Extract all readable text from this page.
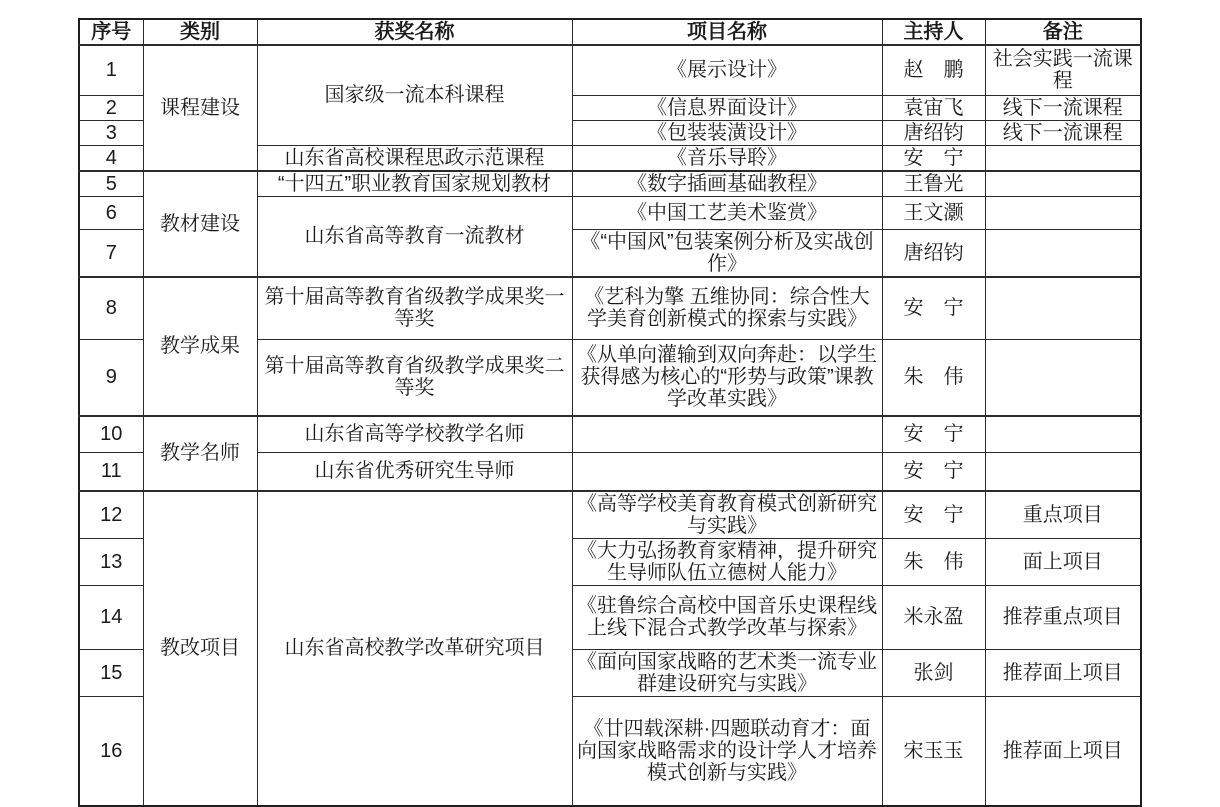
序号	类别	获奖名称	项目名称	主持人	备注
1	课程建设	国家级一流本科课程	《展示设计》	赵　鹏	社会实践一流课程
2			《信息界面设计》	袁宙飞	线下一流课程
3			《包装装潢设计》	唐绍钧	线下一流课程
4		山东省高校课程思政示范课程	《音乐导聆》	安　宁	
5	教材建设	“十四五”职业教育国家规划教材	《数字插画基础教程》	王鲁光	
6		山东省高等教育一流教材	《中国工艺美术鉴赏》	王文灏	
7			《“中国风”包装案例分析及实战创作》	唐绍钧	
8	教学成果	第十届高等教育省级教学成果奖一等奖	《艺科为擎 五维协同：综合性大学美育创新模式的探索与实践》	安　宁	
9		第十届高等教育省级教学成果奖二等奖	《从单向灌输到双向奔赴：以学生获得感为核心的“形势与政策”课教学改革实践》	朱　伟	
10	教学名师	山东省高等学校教学名师		安　宁	
11		山东省优秀研究生导师		安　宁	
12	教改项目	山东省高校教学改革研究项目	《高等学校美育教育模式创新研究与实践》	安　宁	重点项目
13			《大力弘扬教育家精神，提升研究生导师队伍立德树人能力》	朱　伟	面上项目
14			《驻鲁综合高校中国音乐史课程线上线下混合式教学改革与探索》	米永盈	推荐重点项目
15			《面向国家战略的艺术类一流专业群建设研究与实践》	张剑	推荐面上项目
16			《廿四载深耕·四题联动育才：面向国家战略需求的设计学人才培养模式创新与实践》	宋玉玉	推荐面上项目
